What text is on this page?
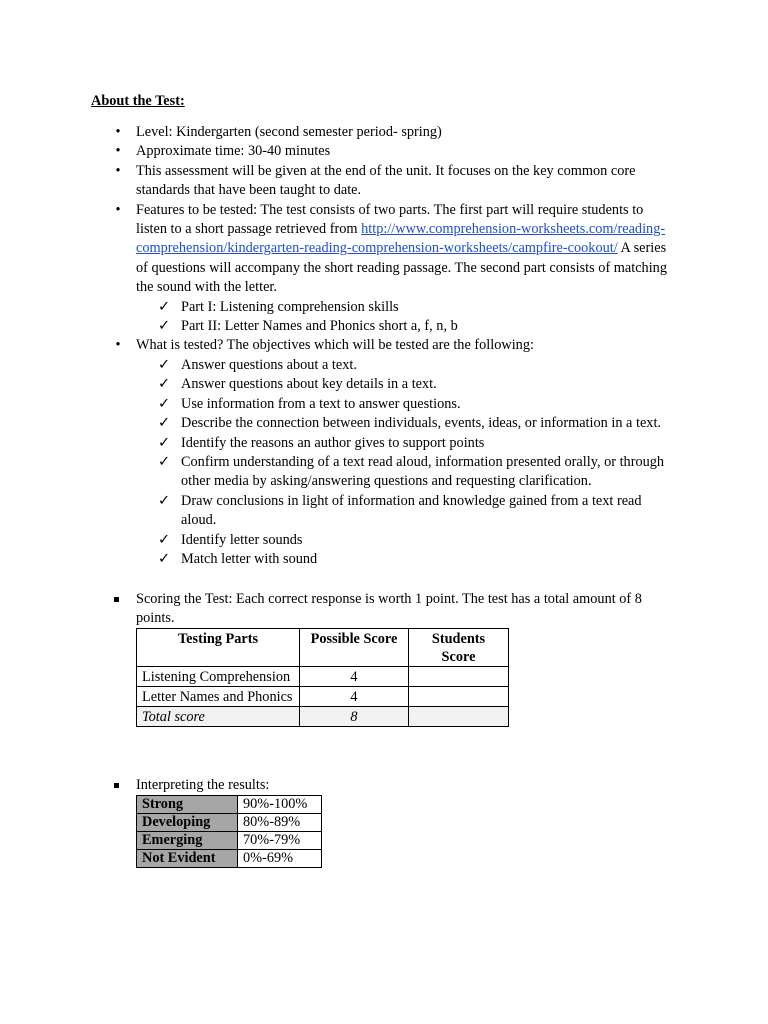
About the Test:
• Level: Kindergarten (second semester period- spring)
• Approximate time: 30-40 minutes
• This assessment will be given at the end of the unit. It focuses on the key common core standards that have been taught to date.
• Features to be tested: The test consists of two parts. The first part will require students to listen to a short passage retrieved from http://www.comprehension-worksheets.com/reading-comprehension/kindergarten-reading-comprehension-worksheets/campfire-cookout/ A series of questions will accompany the short reading passage. The second part consists of matching the sound with the letter.
✓ Part I: Listening comprehension skills
✓ Part II: Letter Names and Phonics short a, f, n, b
• What is tested? The objectives which will be tested are the following:
✓ Answer questions about a text.
✓ Answer questions about key details in a text.
✓ Use information from a text to answer questions.
✓ Describe the connection between individuals, events, ideas, or information in a text.
✓ Identify the reasons an author gives to support points
✓ Confirm understanding of a text read aloud, information presented orally, or through other media by asking/answering questions and requesting clarification.
✓ Draw conclusions in light of information and knowledge gained from a text read aloud.
✓ Identify letter sounds
✓ Match letter with sound
Scoring the Test: Each correct response is worth 1 point. The test has a total amount of 8 points.
Testing Parts	Possible Score	Students Score
Listening Comprehension	4	
Letter Names and Phonics	4	
Total score	8	
Interpreting the results:
Strong	90%-100%
Developing	80%-89%
Emerging	70%-79%
Not Evident	0%-69%
